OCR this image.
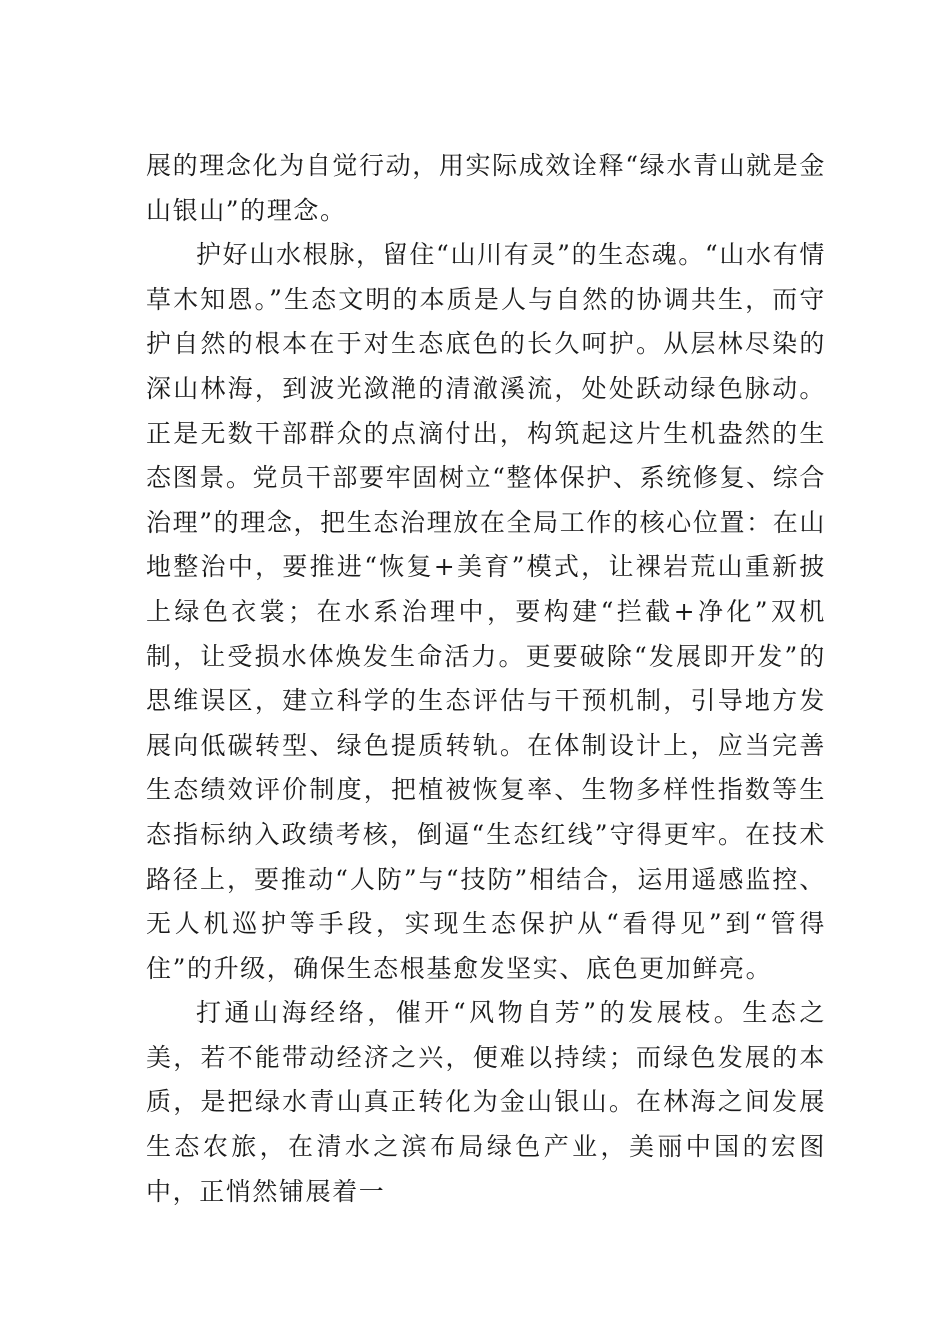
展的理念化为自觉行动，用实际成效诠释“绿水青山就是金山银山”的理念。

护好山水根脉，留住“山川有灵”的生态魂。“山水有情草木知恩。”生态文明的本质是人与自然的协调共生，而守护自然的根本在于对生态底色的长久呵护。从层林尽染的深山林海，到波光潋滟的清澈溪流，处处跃动绿色脉动。正是无数干部群众的点滴付出，构筑起这片生机盎然的生态图景。党员干部要牢固树立“整体保护、系统修复、综合治理”的理念，把生态治理放在全局工作的核心位置：在山地整治中，要推进“恢复+美育”模式，让裸岩荒山重新披上绿色衣裳；在水系治理中，要构建“拦截+净化”双机制，让受损水体焕发生命活力。更要破除“发展即开发”的思维误区，建立科学的生态评估与干预机制，引导地方发展向低碳转型、绿色提质转轨。在体制设计上，应当完善生态绩效评价制度，把植被恢复率、生物多样性指数等生态指标纳入政绩考核，倒逼“生态红线”守得更牢。在技术路径上，要推动“人防”与“技防”相结合，运用遥感监控、无人机巡护等手段，实现生态保护从“看得见”到“管得住”的升级，确保生态根基愈发坚实、底色更加鲜亮。

打通山海经络，催开“风物自芳”的发展枝。生态之美，若不能带动经济之兴，便难以持续；而绿色发展的本质，是把绿水青山真正转化为金山银山。在林海之间发展生态农旅，在清水之滨布局绿色产业，美丽中国的宏图中，正悄然铺展着一
